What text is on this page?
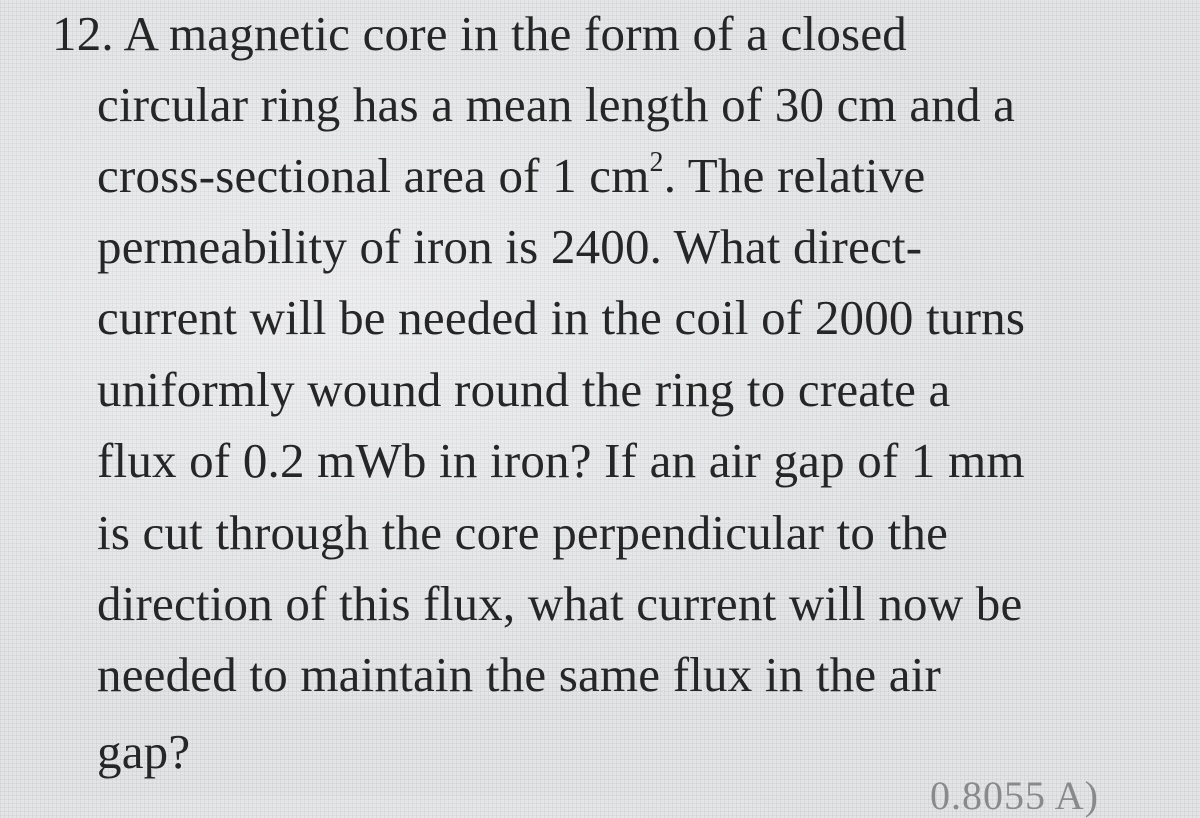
12. A magnetic core in the form of a closed
circular ring has a mean length of 30 cm and a
cross-sectional area of 1 $cm^2$. The relative
permeability of iron is 2400. What direct-
current will be needed in the coil of 2000 turns
uniformly wound round the ring to create a
flux of 0.2 mWb in iron? If an air gap of 1 mm
is cut through the core perpendicular to the
direction of this flux, what current will now be
needed to maintain the same flux in the air
gap?
0.8055 A)
